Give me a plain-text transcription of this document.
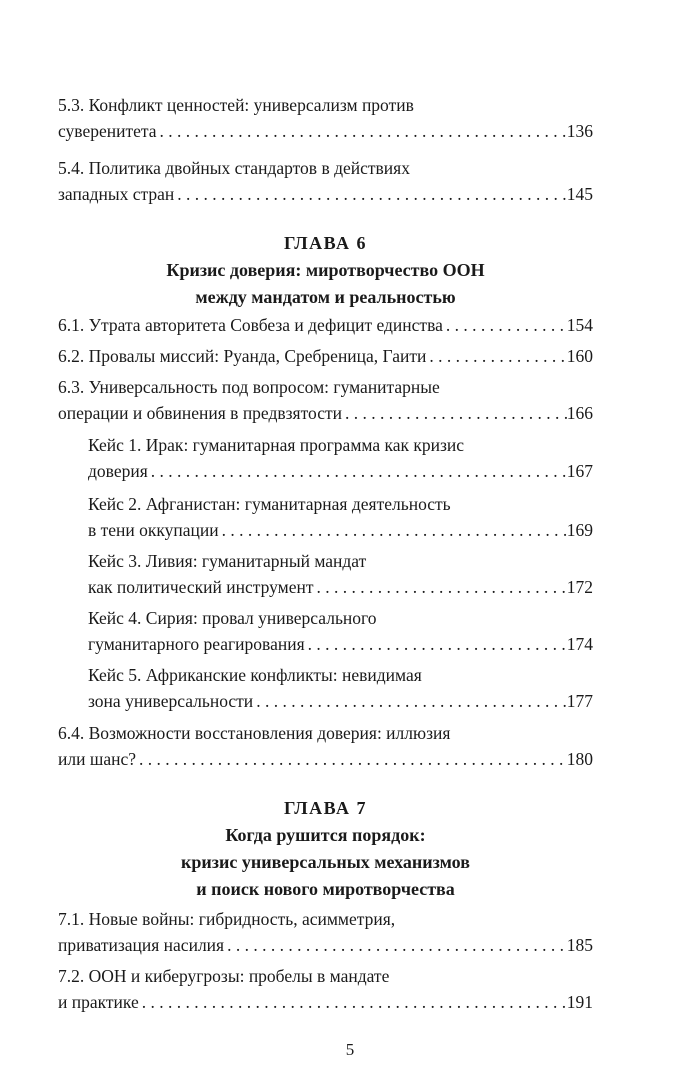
5.3. Конфликт ценностей: универсализм против
суверенитета . . .	136
5.4. Политика двойных стандартов в действиях
западных стран . . .	145
ГЛАВА 6
Кризис доверия: миротворчество ООН
между мандатом и реальностью
6.1. Утрата авторитета Совбеза и дефицит единства . . .	154
6.2. Провалы миссий: Руанда, Сребреница, Гаити . . .	160
6.3. Универсальность под вопросом: гуманитарные
операции и обвинения в предвзятости . . .	166
Кейс 1. Ирак: гуманитарная программа как кризис
доверия . . .	167
Кейс 2. Афганистан: гуманитарная деятельность
в тени оккупации . . .	169
Кейс 3. Ливия: гуманитарный мандат
как политический инструмент . . .	172
Кейс 4. Сирия: провал универсального
гуманитарного реагирования . . .	174
Кейс 5. Африканские конфликты: невидимая
зона универсальности . . .	177
6.4. Возможности восстановления доверия: иллюзия
или шанс? . . .	180
ГЛАВА 7
Когда рушится порядок:
кризис универсальных механизмов
и поиск нового миротворчества
7.1. Новые войны: гибридность, асимметрия,
приватизация насилия . . .	185
7.2. ООН и киберугрозы: пробелы в мандате
и практике . . .	191
5
